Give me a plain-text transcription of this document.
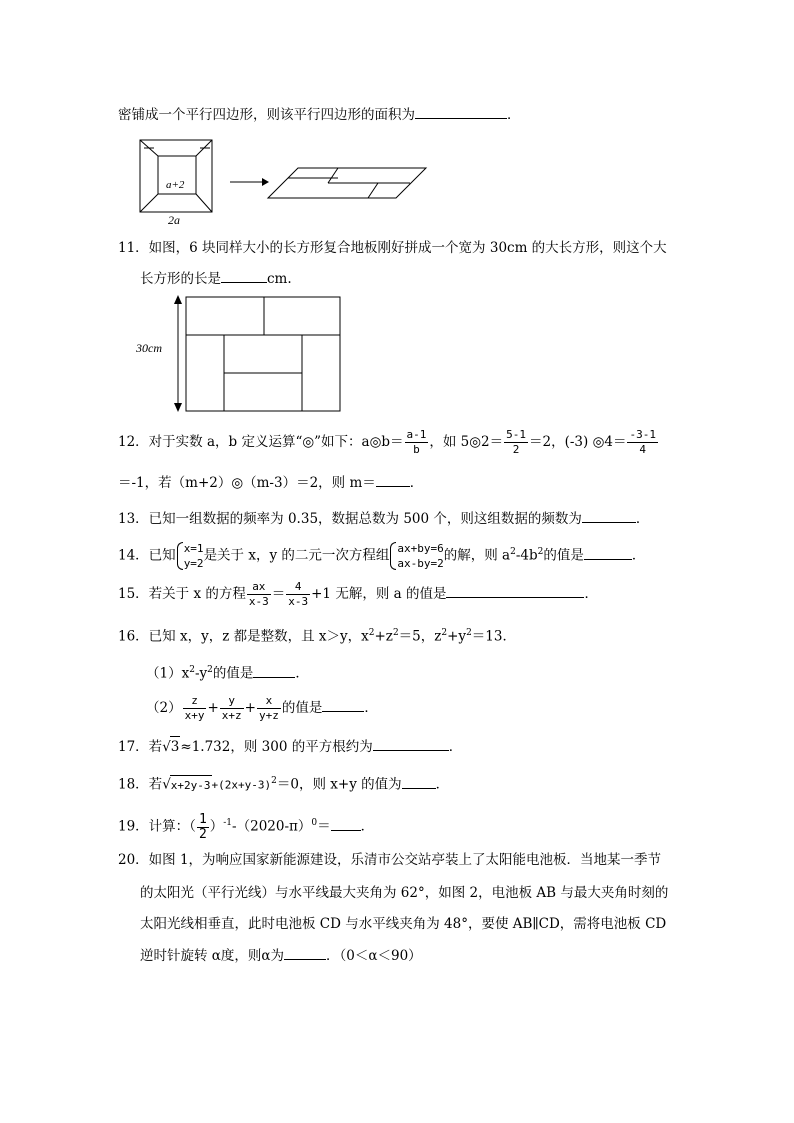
密铺成一个平行四边形，则该平行四边形的面积为	．
a+2
2a
11．如图，6 块同样大小的长方形复合地板刚好拼成一个宽为 30cm 的大长方形，则这个大
长方形的长是	cm.
30cm
12．对于实数 a，b 定义运算“◎”如下：a◎b＝ $\frac{a-1}{b}$ ，如 5◎2＝ $\frac{5-1}{2} =2$，(-3) ◎4＝ $\frac{-3-1}{4}$
＝-1，若（m+2）◎（m-3）＝2，则 m＝	．
13．已知一组数据的频率为 0.35，数据总数为 500 个，则这组数据的频数为	．
14．已知 x=1
y=2 是关于 x，y 的二元一次方程组 ax+by=6
ax-by=2 的解，则 $a^2-4b^2$的值是	．
15．若关于 x 的方程 $\frac{ax}{x-3} = \frac{4}{x-3} +1$ 无解，则 a 的值是	．
16．已知 x，y，z 都是整数，且 x＞y，$x^2+z^2=5$，$z^2+y^2=13$．
$(1)x^2-y^2$的值是	．
$(2) \frac{z}{x+y} + \frac{y}{x+z} + \frac{x}{y+z}$ 的值是	．
17．若√3≈1.732，则 300 的平方根约为	．
18．若$√x+2y-3+(2x+y-3)^2=0$，则 x+y 的值为	．
19．计算：（ $\frac{1}{2} )^{-1}-(2020-\pi)^0=$ ．
20．如图 1，为响应国家新能源建设，乐清市公交站亭装上了太阳能电池板．当地某一季节
的太阳光（平行光线）与水平线最大夹角为 62°，如图 2，电池板 AB 与最大夹角时刻的
太阳光线相垂直，此时电池板 CD 与水平线夹角为 48°，要使 AB∥CD，需将电池板 CD
逆时针旋转 α度，则α为	．（0＜α＜90）
